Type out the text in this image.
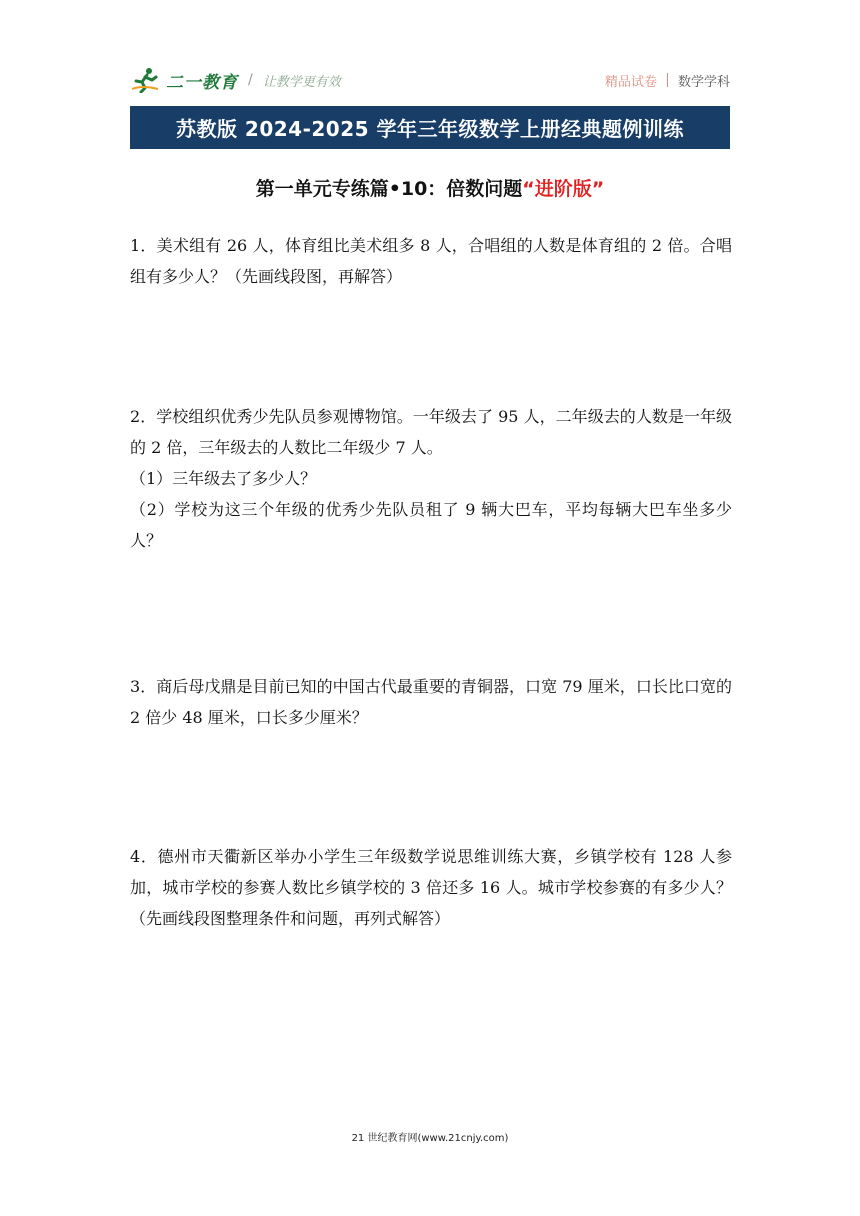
二一教育 / 让教学更有效	精品试卷 数学学科
苏教版 2024-2025 学年三年级数学上册经典题例训练
第一单元专练篇•10：倍数问题“进阶版”

1．美术组有 26 人，体育组比美术组多 8 人，合唱组的人数是体育组的 2 倍。合唱组有多少人？（先画线段图，再解答）

2．学校组织优秀少先队员参观博物馆。一年级去了 95 人，二年级去的人数是一年级的 2 倍，三年级去的人数比二年级少 7 人。

（1）三年级去了多少人？

（2）学校为这三个年级的优秀少先队员租了 9 辆大巴车，平均每辆大巴车坐多少人？

3．商后母戊鼎是目前已知的中国古代最重要的青铜器，口宽 79 厘米，口长比口宽的 2 倍少 48 厘米，口长多少厘米？

4．德州市天衢新区举办小学生三年级数学说思维训练大赛，乡镇学校有 128 人参加，城市学校的参赛人数比乡镇学校的 3 倍还多 16 人。城市学校参赛的有多少人？（先画线段图整理条件和问题，再列式解答）

21 世纪教育网(www.21cnjy.com)
